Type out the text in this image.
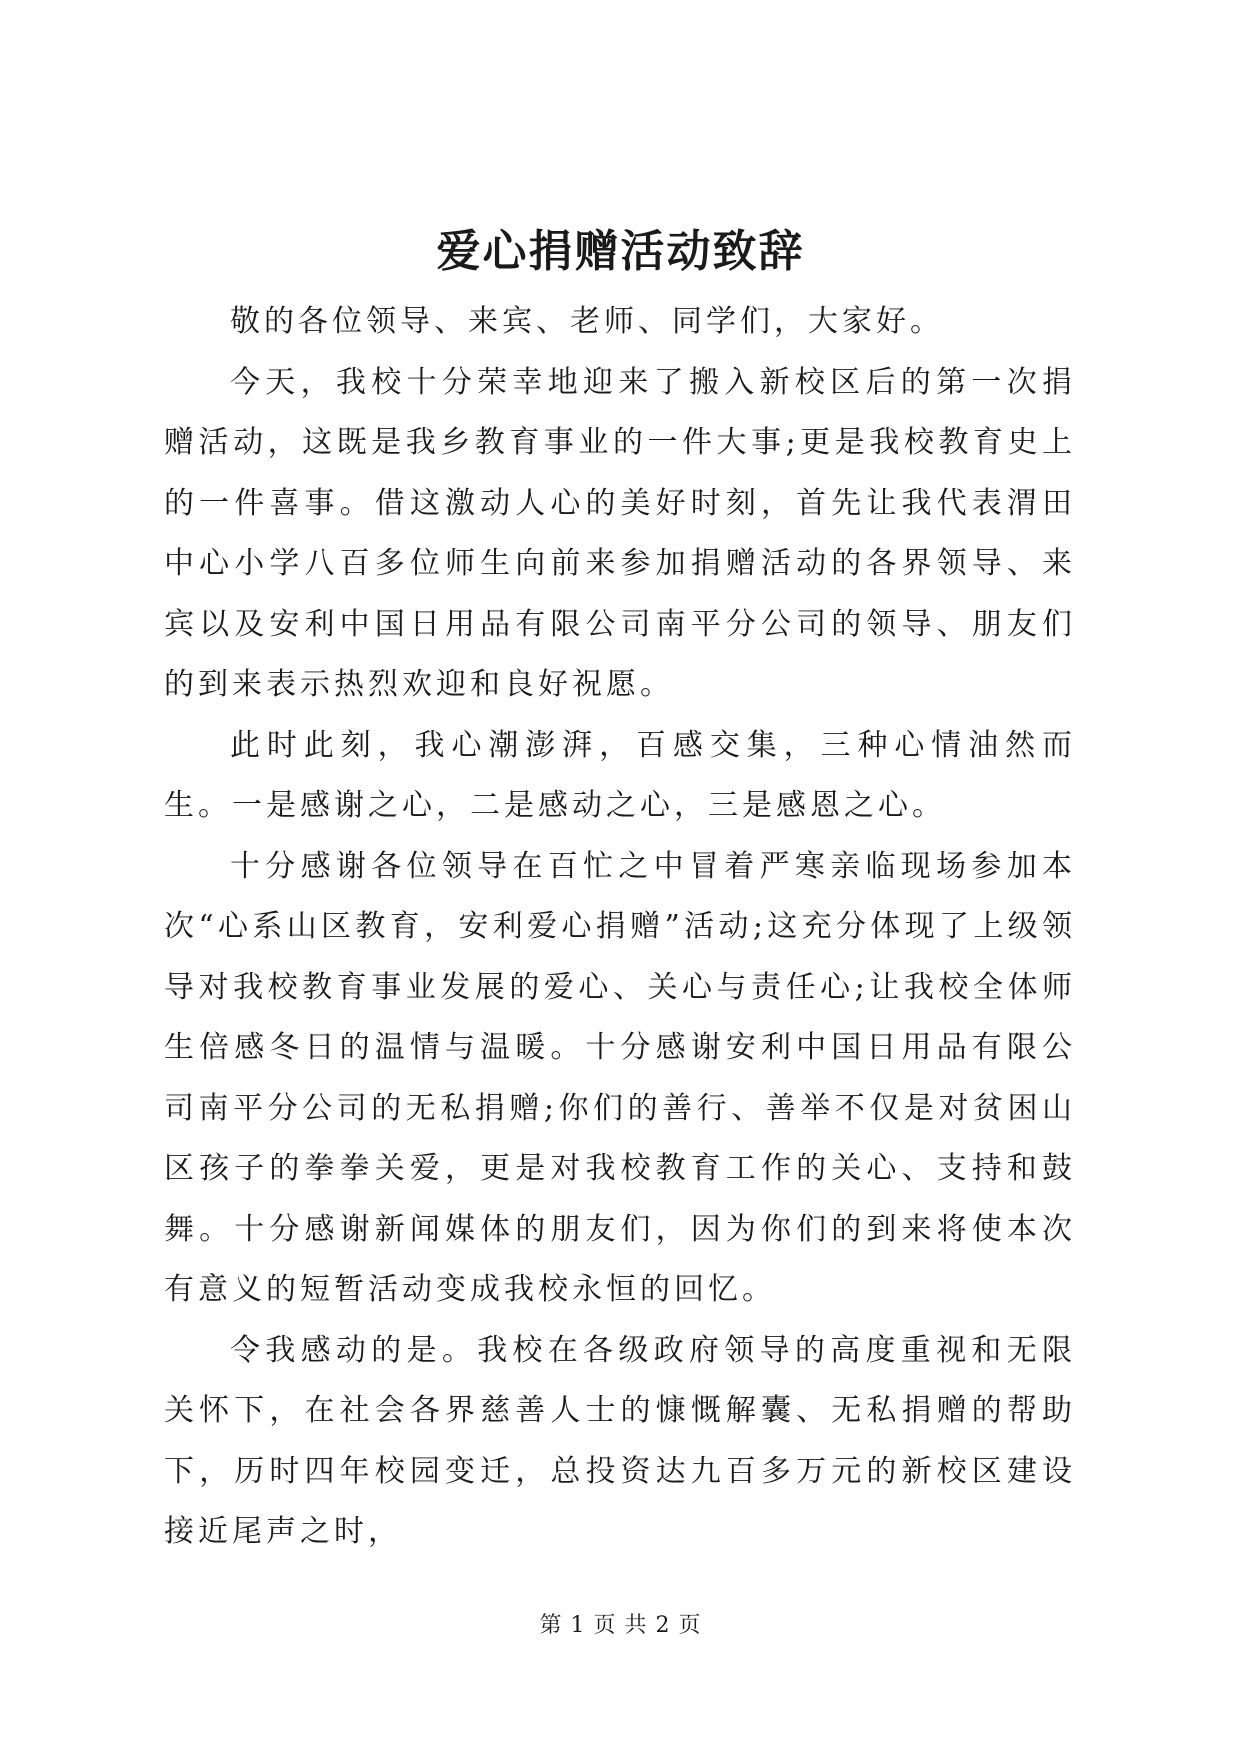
爱心捐赠活动致辞

敬的各位领导、来宾、老师、同学们，大家好。

今天，我校十分荣幸地迎来了搬入新校区后的第一次捐赠活动，这既是我乡教育事业的一件大事;更是我校教育史上的一件喜事。借这激动人心的美好时刻，首先让我代表渭田中心小学八百多位师生向前来参加捐赠活动的各界领导、来宾以及安利中国日用品有限公司南平分公司的领导、朋友们的到来表示热烈欢迎和良好祝愿。

此时此刻，我心潮澎湃，百感交集，三种心情油然而生。一是感谢之心，二是感动之心，三是感恩之心。

十分感谢各位领导在百忙之中冒着严寒亲临现场参加本次“心系山区教育，安利爱心捐赠”活动;这充分体现了上级领导对我校教育事业发展的爱心、关心与责任心;让我校全体师生倍感冬日的温情与温暖。十分感谢安利中国日用品有限公司南平分公司的无私捐赠;你们的善行、善举不仅是对贫困山区孩子的拳拳关爱，更是对我校教育工作的关心、支持和鼓舞。十分感谢新闻媒体的朋友们，因为你们的到来将使本次有意义的短暂活动变成我校永恒的回忆。

令我感动的是。我校在各级政府领导的高度重视和无限关怀下，在社会各界慈善人士的慷慨解囊、无私捐赠的帮助下，历时四年校园变迁，总投资达九百多万元的新校区建设接近尾声之时，

第 1 页 共 2 页
